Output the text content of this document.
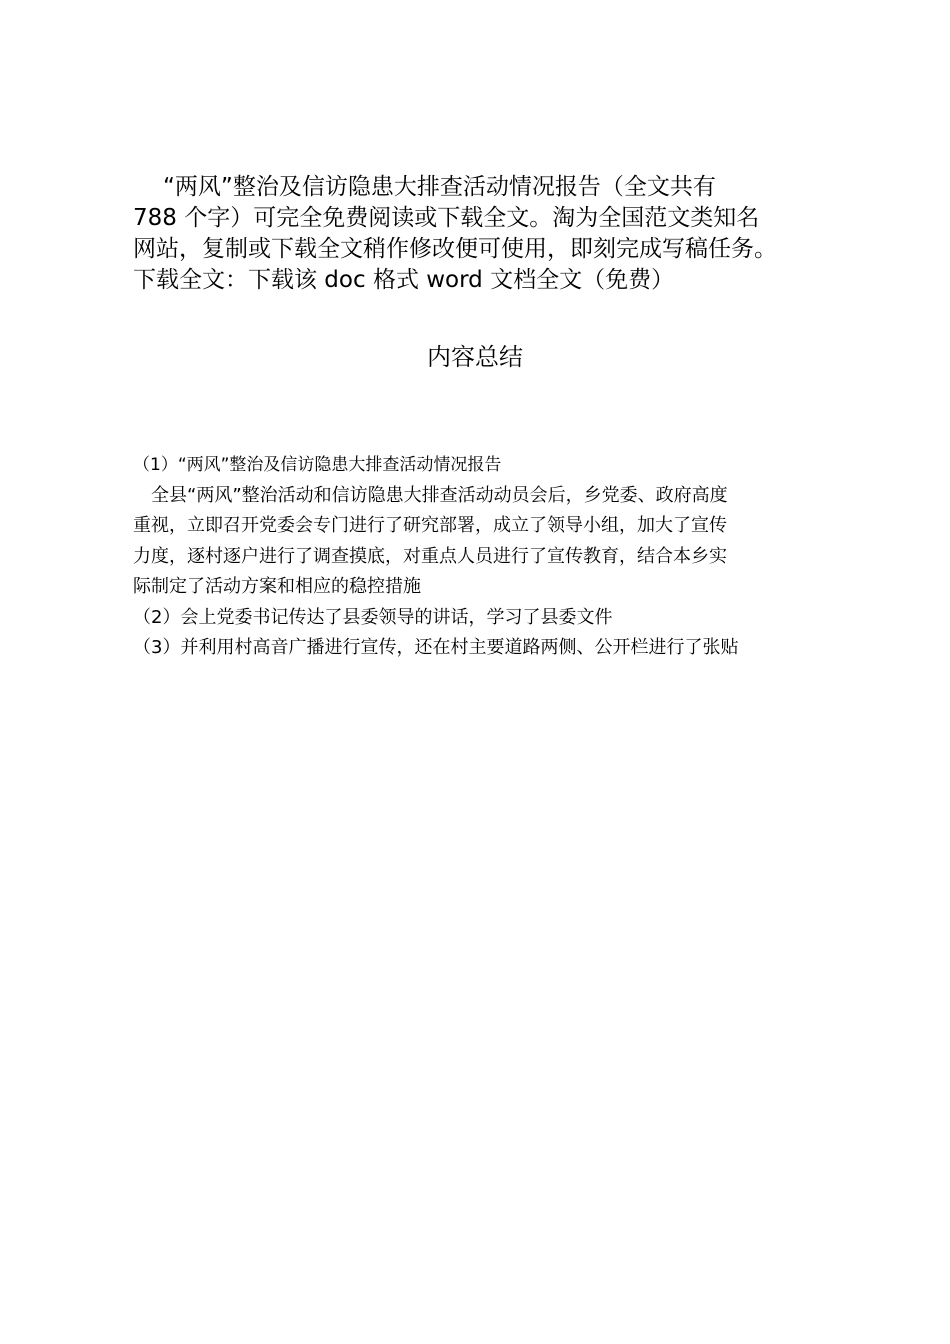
“两风”整治及信访隐患大排查活动情况报告（全文共有
788 个字）可完全免费阅读或下载全文。淘为全国范文类知名
网站，复制或下载全文稍作修改便可使用，即刻完成写稿任务。
下载全文：下载该 doc 格式 word 文档全文（免费）
内容总结
（1）“两风”整治及信访隐患大排查活动情况报告
全县“两风”整治活动和信访隐患大排查活动动员会后，乡党委、政府高度
重视，立即召开党委会专门进行了研究部署，成立了领导小组，加大了宣传
力度，逐村逐户进行了调查摸底，对重点人员进行了宣传教育，结合本乡实
际制定了活动方案和相应的稳控措施
（2）会上党委书记传达了县委领导的讲话，学习了县委文件
（3）并利用村高音广播进行宣传，还在村主要道路两侧、公开栏进行了张贴
